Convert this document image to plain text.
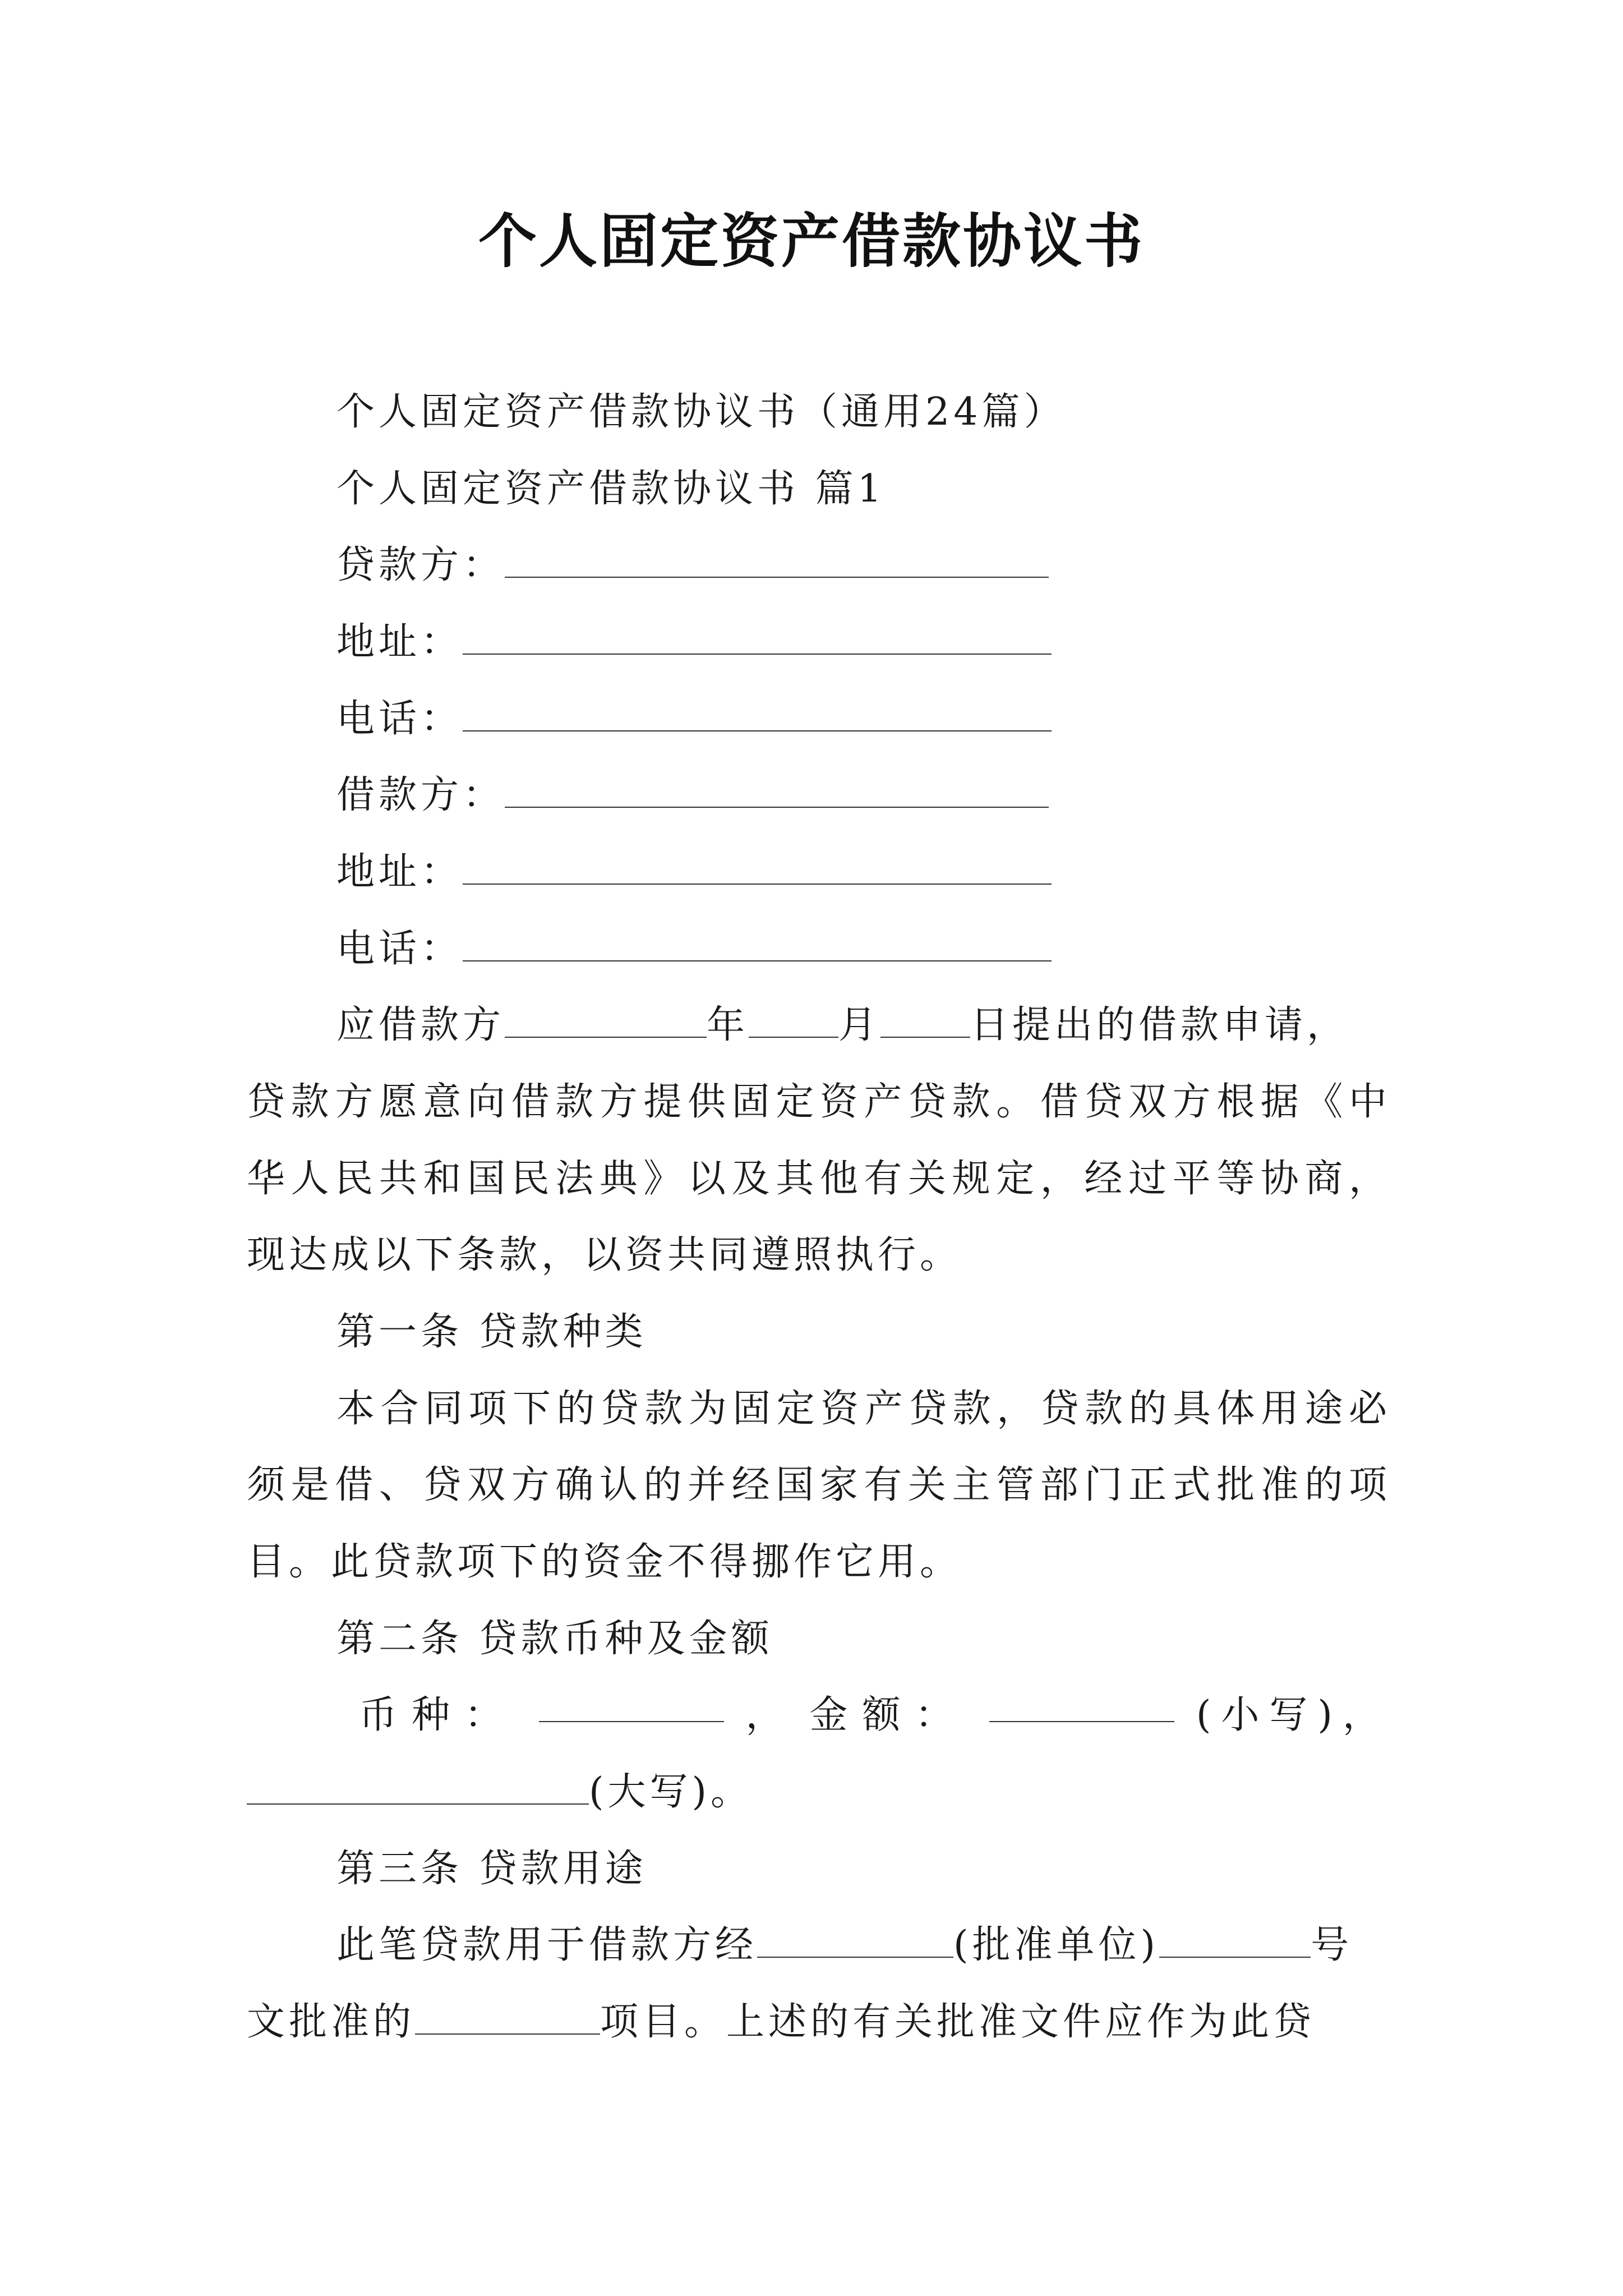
个人固定资产借款协议书
个人固定资产借款协议书（通用24篇）
个人固定资产借款协议书 篇1
贷款方：
地址：
电话：
借款方：
地址：
电话：
应借款方	年 月 日提出的借款申请，
贷款方愿意向借款方提供固定资产贷款。借贷双方根据《中
华人民共和国民法典》以及其他有关规定，经过平等协商，
现达成以下条款，以资共同遵照执行。
第一条 贷款种类
本合同项下的贷款为固定资产贷款，贷款的具体用途必
须是借、贷双方确认的并经国家有关主管部门正式批准的项
目。此贷款项下的资金不得挪作它用。
第二条 贷款币种及金额
币种：	， 金额：	(小写)，
(大写)。
第三条 贷款用途
此笔贷款用于借款方经	(批准单位)	号
文批准的	项目。上述的有关批准文件应作为此贷
